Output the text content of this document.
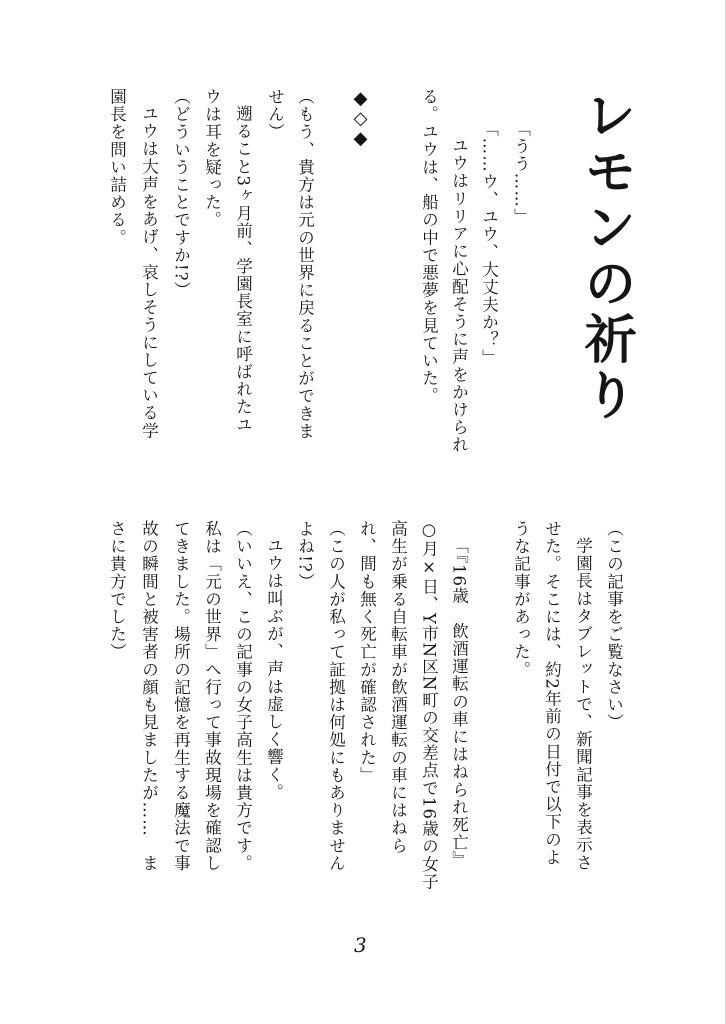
レモンの祈り

「うう……」

「……ウ、ユウ、大丈夫か？」

ユウはリリアに心配そうに声をかけられ

る。ユウは、船の中で悪夢を見ていた。

◆◇◆

（もう、貴方は元の世界に戻ることができま

せん）

遡ること3ヶ月前、学園長室に呼ばれたユ

ウは耳を疑った。

（どういうことですか!?）

ユウは大声をあげ、哀しそうにしている学

園長を問い詰める。

（この記事をご覧なさい）

学園長はタブレットで、新聞記事を表示さ

せた。そこには、約2年前の日付で以下のよ

うな記事があった。

「『16歳　飲酒運転の車にはねられ死亡』

○月×日、Y市N区N町の交差点で16歳の女子

高生が乗る自転車が飲酒運転の車にはねら

れ、間も無く死亡が確認された」

（この人が私って証拠は何処にもありません

よね!?）

ユウは叫ぶが、声は虚しく響く。

（いいえ、この記事の女子高生は貴方です。

私は「元の世界」へ行って事故現場を確認し

てきました。場所の記憶を再生する魔法で事

故の瞬間と被害者の顔も見ましたが……　ま

さに貴方でした）

3
